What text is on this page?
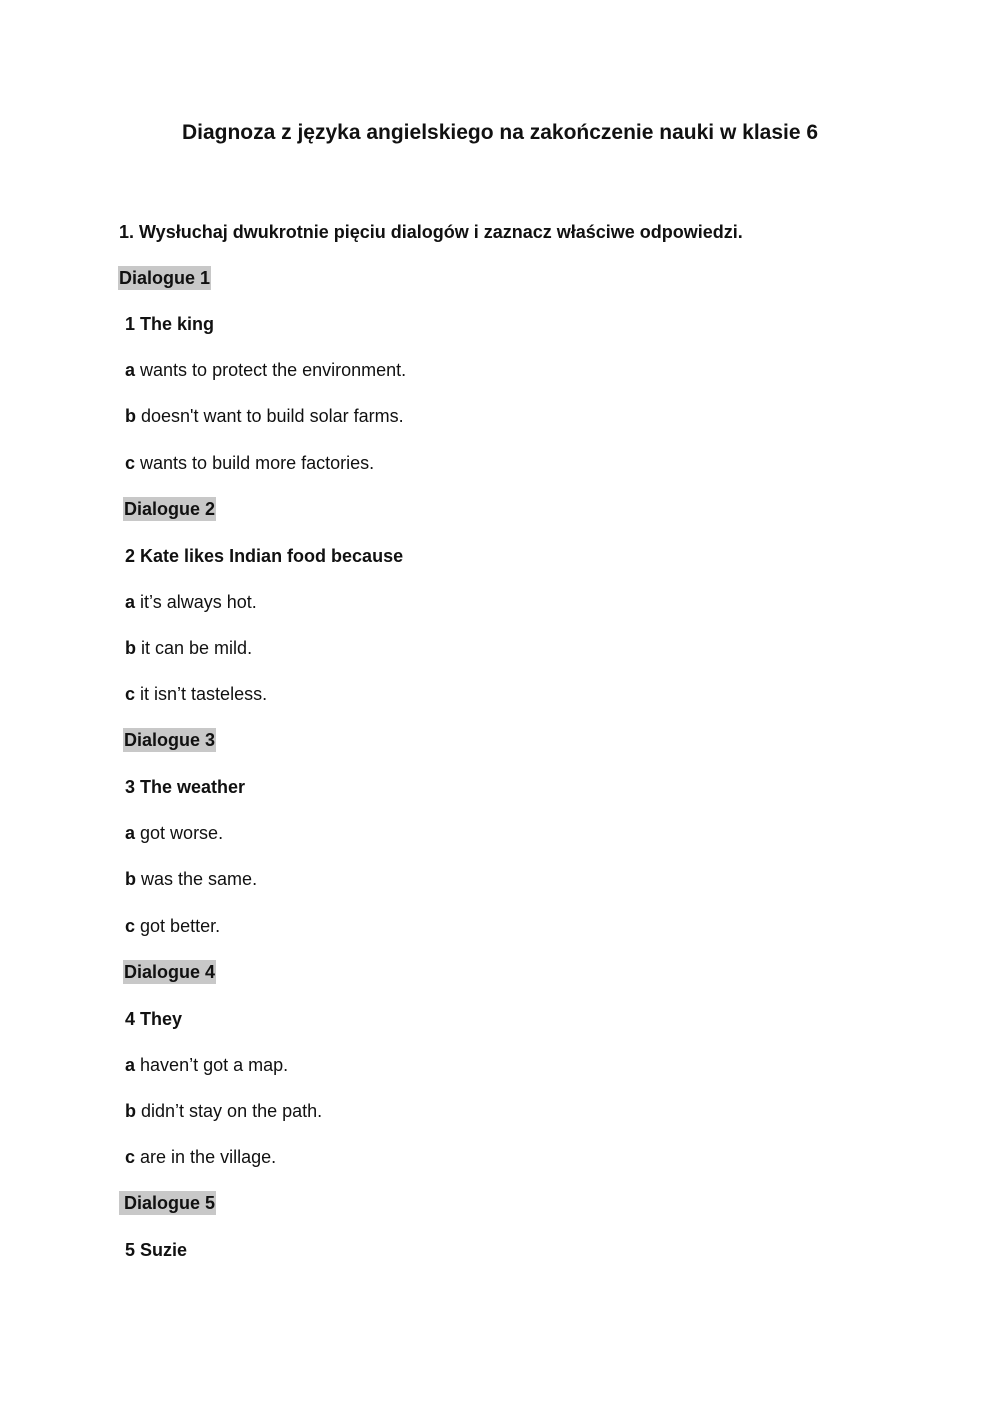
Diagnoza z języka angielskiego na zakończenie nauki w klasie 6
1. Wysłuchaj dwukrotnie pięciu dialogów i zaznacz właściwe odpowiedzi.
Dialogue 1
1 The king
a wants to protect the environment.
b doesn't want to build solar farms.
c wants to build more factories.
Dialogue 2
2 Kate likes Indian food because
a it’s always hot.
b it can be mild.
c it isn’t tasteless.
Dialogue 3
3 The weather
a got worse.
b was the same.
c got better.
Dialogue 4
4 They
a haven’t got a map.
b didn’t stay on the path.
c are in the village.
Dialogue 5
5 Suzie
